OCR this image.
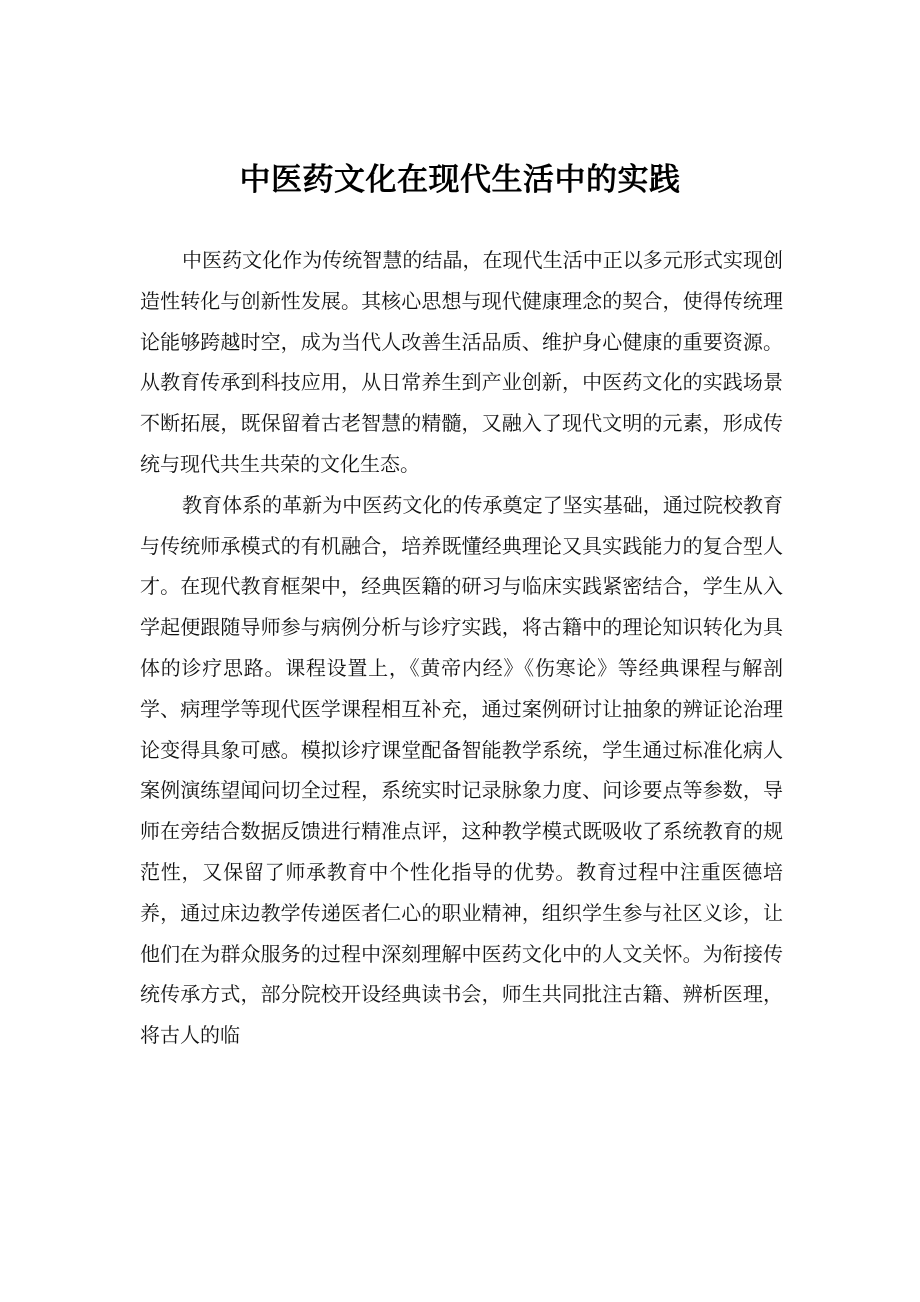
中医药文化在现代生活中的实践

中医药文化作为传统智慧的结晶，在现代生活中正以多元形式实现创造性转化与创新性发展。其核心思想与现代健康理念的契合，使得传统理论能够跨越时空，成为当代人改善生活品质、维护身心健康的重要资源。从教育传承到科技应用，从日常养生到产业创新，中医药文化的实践场景不断拓展，既保留着古老智慧的精髓，又融入了现代文明的元素，形成传统与现代共生共荣的文化生态。

教育体系的革新为中医药文化的传承奠定了坚实基础，通过院校教育与传统师承模式的有机融合，培养既懂经典理论又具实践能力的复合型人才。在现代教育框架中，经典医籍的研习与临床实践紧密结合，学生从入学起便跟随导师参与病例分析与诊疗实践，将古籍中的理论知识转化为具体的诊疗思路。课程设置上，《黄帝内经》《伤寒论》等经典课程与解剖学、病理学等现代医学课程相互补充，通过案例研讨让抽象的辨证论治理论变得具象可感。模拟诊疗课堂配备智能教学系统，学生通过标准化病人案例演练望闻问切全过程，系统实时记录脉象力度、问诊要点等参数，导师在旁结合数据反馈进行精准点评，这种教学模式既吸收了系统教育的规范性，又保留了师承教育中个性化指导的优势。教育过程中注重医德培养，通过床边教学传递医者仁心的职业精神，组织学生参与社区义诊，让他们在为群众服务的过程中深刻理解中医药文化中的人文关怀。为衔接传统传承方式，部分院校开设经典读书会，师生共同批注古籍、辨析医理，将古人的临
